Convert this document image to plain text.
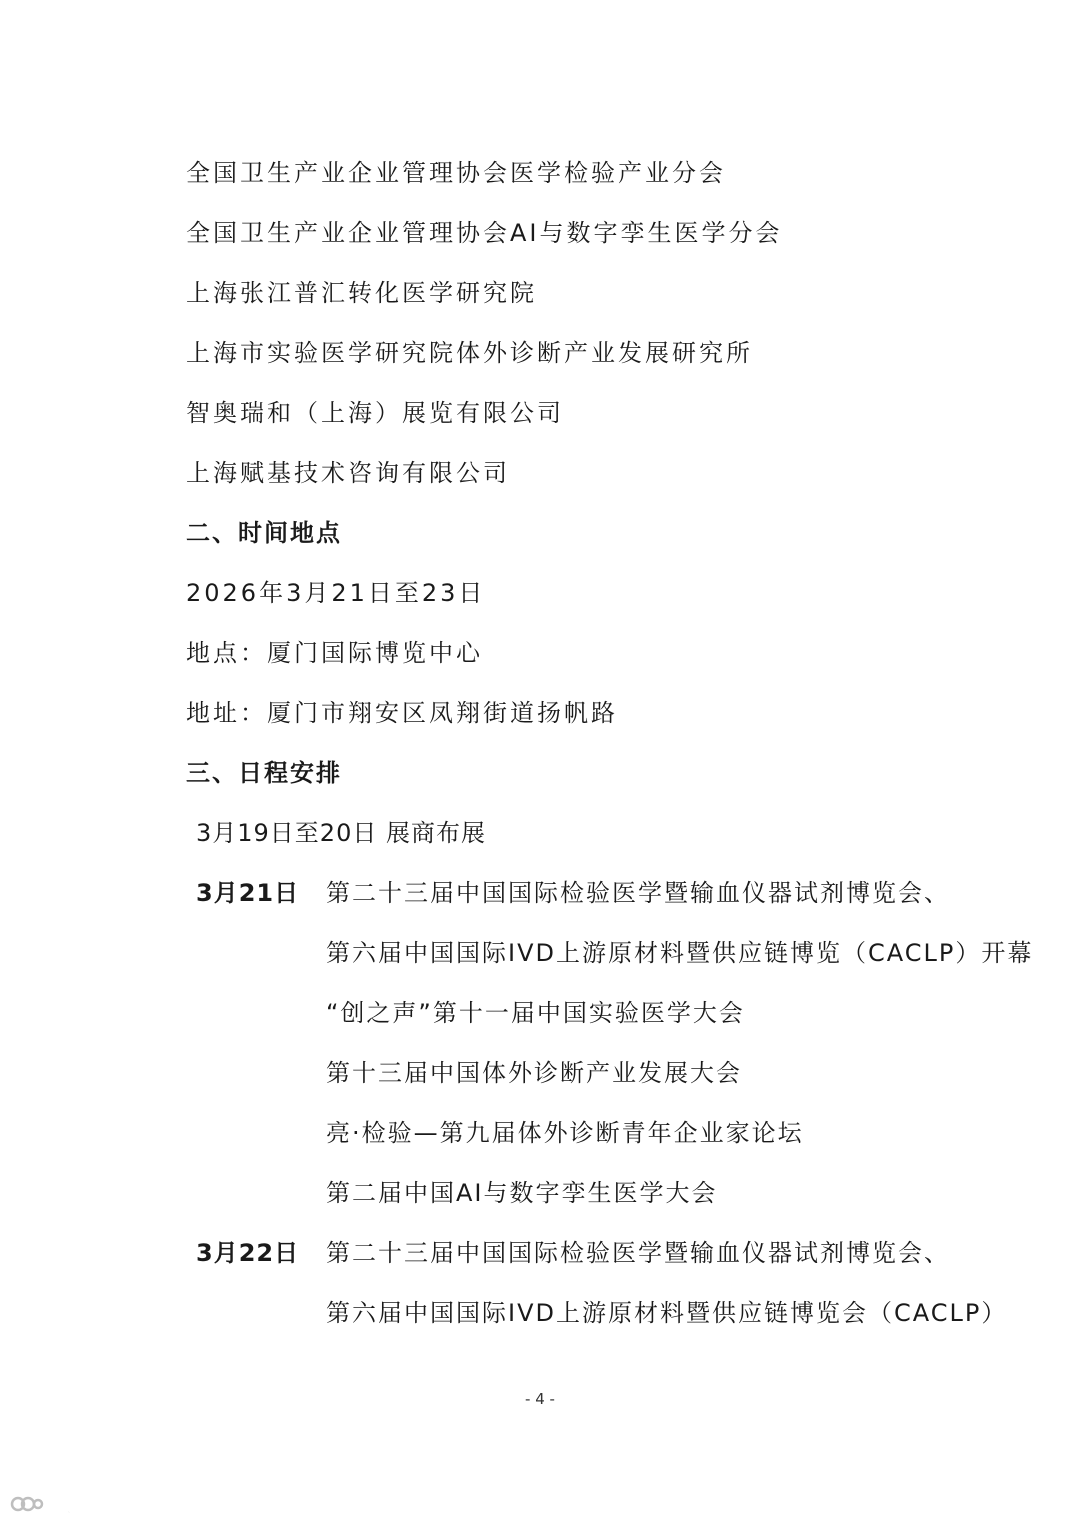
全国卫生产业企业管理协会医学检验产业分会
全国卫生产业企业管理协会AI与数字孪生医学分会
上海张江普汇转化医学研究院
上海市实验医学研究院体外诊断产业发展研究所
智奥瑞和（上海）展览有限公司
上海赋基技术咨询有限公司
二、时间地点
2026年3月21日至23日
地点：厦门国际博览中心
地址：厦门市翔安区凤翔街道扬帆路
三、日程安排
3月19日至20日 展商布展
3月21日 第二十三届中国国际检验医学暨输血仪器试剂博览会、
第六届中国国际IVD上游原材料暨供应链博览（CACLP）开幕
“创之声”第十一届中国实验医学大会
第十三届中国体外诊断产业发展大会
亮·检验—第九届体外诊断青年企业家论坛
第二届中国AI与数字孪生医学大会
3月22日 第二十三届中国国际检验医学暨输血仪器试剂博览会、
第六届中国国际IVD上游原材料暨供应链博览会（CACLP）
- 4 -
大数跨境
